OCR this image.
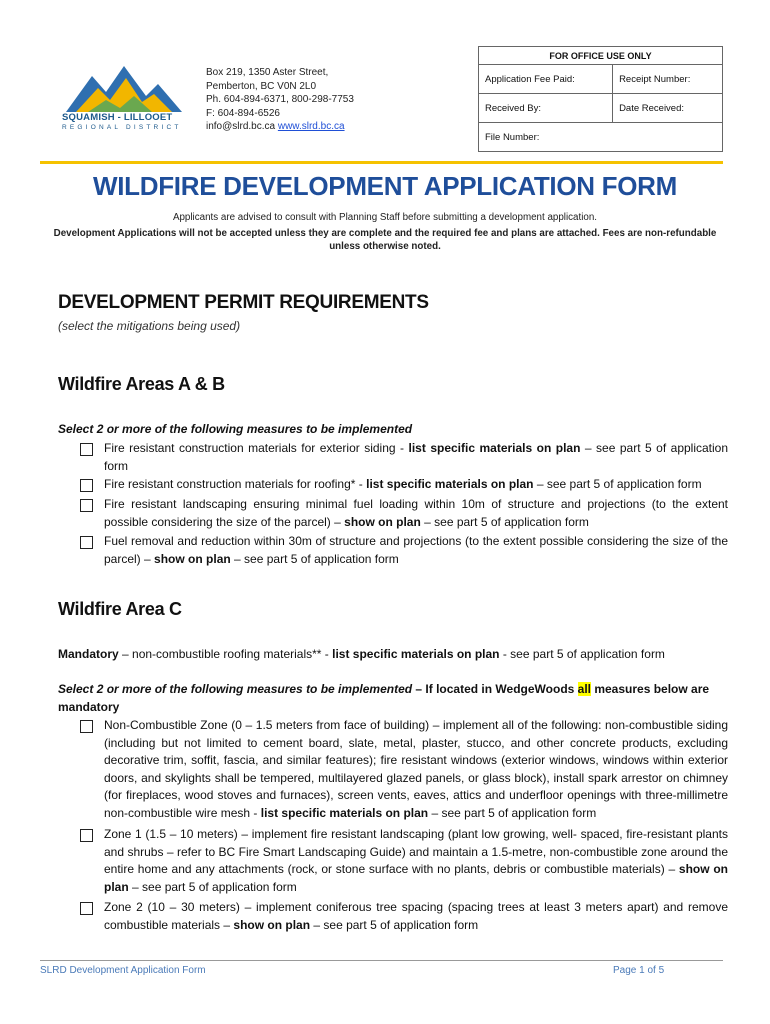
SQUAMISH - LILLOOET
REGIONAL DISTRICT
Box 219, 1350 Aster Street,
Pemberton, BC V0N 2L0
Ph. 604-894-6371, 800-298-7753
F: 604-894-6526
info@slrd.bc.ca www.slrd.bc.ca
FOR OFFICE USE ONLY	
Application Fee Paid:	Receipt Number:
Received By:	Date Received:
File Number:	
WILDFIRE DEVELOPMENT APPLICATION FORM
Applicants are advised to consult with Planning Staff before submitting a development application.
Development Applications will not be accepted unless they are complete and the required fee and plans are attached. Fees are non-refundable unless otherwise noted.
DEVELOPMENT PERMIT REQUIREMENTS
(select the mitigations being used)
Wildfire Areas A & B
Select 2 or more of the following measures to be implemented
Fire resistant construction materials for exterior siding - list specific materials on plan – see part 5 of application form
Fire resistant construction materials for roofing* - list specific materials on plan – see part 5 of application form
Fire resistant landscaping ensuring minimal fuel loading within 10m of structure and projections (to the extent possible considering the size of the parcel) – show on plan – see part 5 of application form
Fuel removal and reduction within 30m of structure and projections (to the extent possible considering the size of the parcel) – show on plan – see part 5 of application form
Wildfire Area C
Mandatory – non-combustible roofing materials** - list specific materials on plan - see part 5 of application form
Select 2 or more of the following measures to be implemented – If located in WedgeWoods all measures below are mandatory
Non-Combustible Zone (0 – 1.5 meters from face of building) – implement all of the following: non-combustible siding (including but not limited to cement board, slate, metal, plaster, stucco, and other concrete products, excluding decorative trim, soffit, fascia, and similar features); fire resistant windows (exterior windows, windows within exterior doors, and skylights shall be tempered, multilayered glazed panels, or glass block), install spark arrestor on chimney (for fireplaces, wood stoves and furnaces), screen vents, eaves, attics and underfloor openings with three-millimetre non-combustible wire mesh - list specific materials on plan – see part 5 of application form
Zone 1 (1.5 – 10 meters) – implement fire resistant landscaping (plant low growing, well- spaced, fire-resistant plants and shrubs – refer to BC Fire Smart Landscaping Guide) and maintain a 1.5-metre, non-combustible zone around the entire home and any attachments (rock, or stone surface with no plants, debris or combustible materials) – show on plan – see part 5 of application form
Zone 2 (10 – 30 meters) – implement coniferous tree spacing (spacing trees at least 3 meters apart) and remove combustible materials – show on plan – see part 5 of application form
SLRD Development Application Form	Page 1 of 5
